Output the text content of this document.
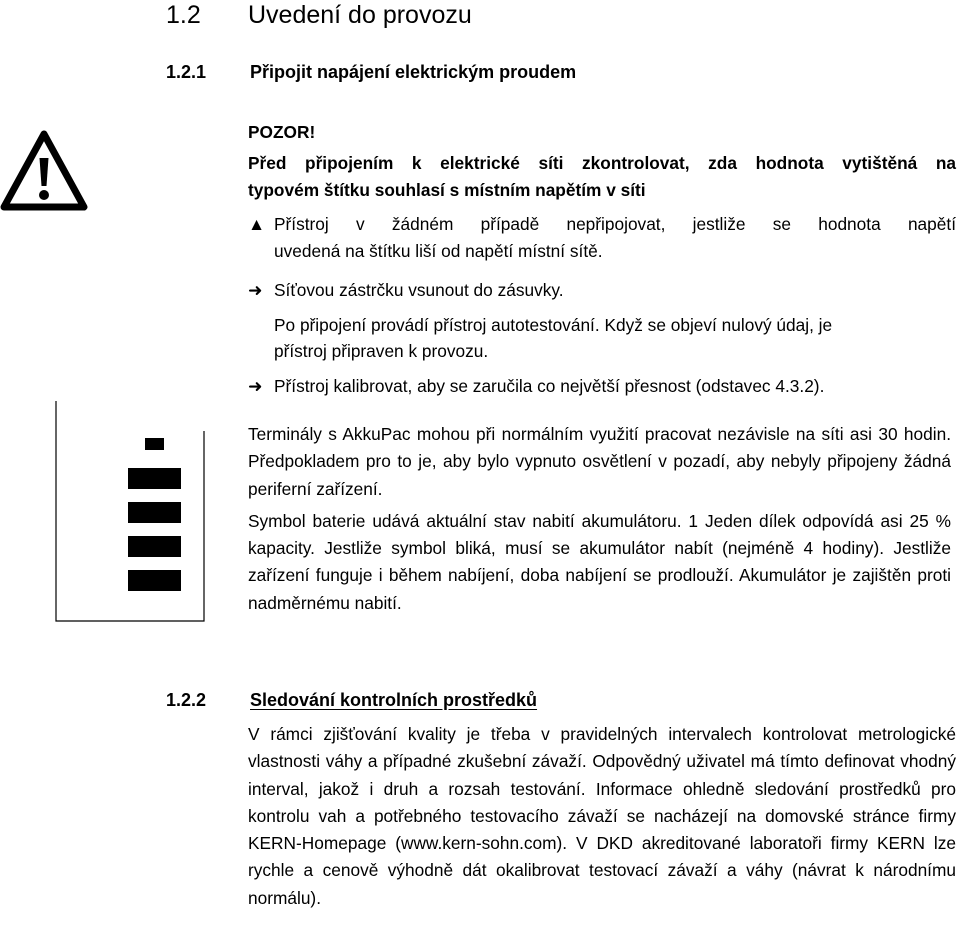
1.2 Uvedení do provozu
1.2.1 Připojit napájení elektrickým proudem
POZOR!
Před připojením k elektrické síti zkontrolovat, zda hodnota vytištěná na
typovém štítku souhlasí s místním napětím v síti
▲ Přístroj v žádném případě nepřipojovat, jestliže se hodnota napětí
uvedená na štítku liší od napětí místní sítě.
➜ Síťovou zástrčku vsunout do zásuvky.
Po připojení provádí přístroj autotestování. Když se objeví nulový údaj, je
přístroj připraven k provozu.
➜ Přístroj kalibrovat, aby se zaručila co největší přesnost (odstavec 4.3.2).

Terminály s AkkuPac mohou při normálním využití pracovat nezávisle na síti asi 30 hodin. Předpokladem pro to je, aby bylo vypnuto osvětlení v pozadí, aby nebyly připojeny žádná periferní zařízení.

Symbol baterie udává aktuální stav nabití akumulátoru. 1 Jeden dílek odpovídá asi 25 % kapacity. Jestliže symbol bliká, musí se akumulátor nabít (nejméně 4 hodiny). Jestliže zařízení funguje i během nabíjení, doba nabíjení se prodlouží. Akumulátor je zajištěn proti nadměrnému nabití.

1.2.2 Sledování kontrolních prostředků

V rámci zjišťování kvality je třeba v pravidelných intervalech kontrolovat metrologické vlastnosti váhy a případné zkušební závaží. Odpovědný uživatel má tímto definovat vhodný interval, jakož i druh a rozsah testování. Informace ohledně sledování prostředků pro kontrolu vah a potřebného testovacího závaží se nacházejí na domovské stránce firmy KERN-Homepage (www.kern-sohn.com). V DKD akreditované laboratoři firmy KERN lze rychle a cenově výhodně dát okalibrovat testovací závaží a váhy (návrat k národnímu normálu).
